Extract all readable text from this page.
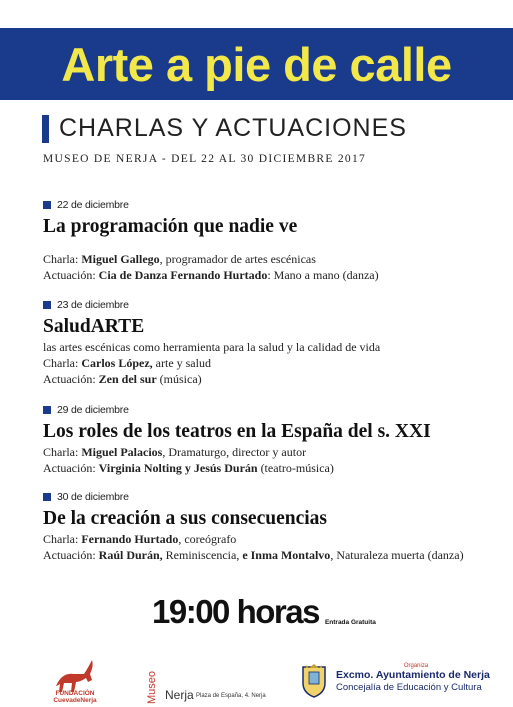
Arte a pie de calle
CHARLAS Y ACTUACIONES
MUSEO DE NERJA - DEL 22 AL 30 DICIEMBRE 2017
22 de diciembre
La programación que nadie ve
Charla: Miguel Gallego, programador de artes escénicas
Actuación: Cia de Danza Fernando Hurtado: Mano a mano (danza)
23 de diciembre
SaludARTE
las artes escénicas como herramienta para la salud y la calidad de vida
Charla: Carlos López, arte y salud
Actuación: Zen del sur (música)
29 de diciembre
Los roles de los teatros en la España del s. XXI
Charla: Miguel Palacios, Dramaturgo, director y autor
Actuación: Virginia Nolting y Jesús Durán (teatro-música)
30 de diciembre
De la creación a sus consecuencias
Charla: Fernando Hurtado, coreógrafo
Actuación: Raúl Durán, Reminiscencia, e Inma Montalvo, Naturaleza muerta (danza)
19:00 horas Entrada Gratuita
FUNDACIÓN
CuevadeNerja	Museo Nerja Plaza de España, 4. Nerja
Organiza
Excmo. Ayuntamiento de Nerja
Concejalía de Educación y Cultura
